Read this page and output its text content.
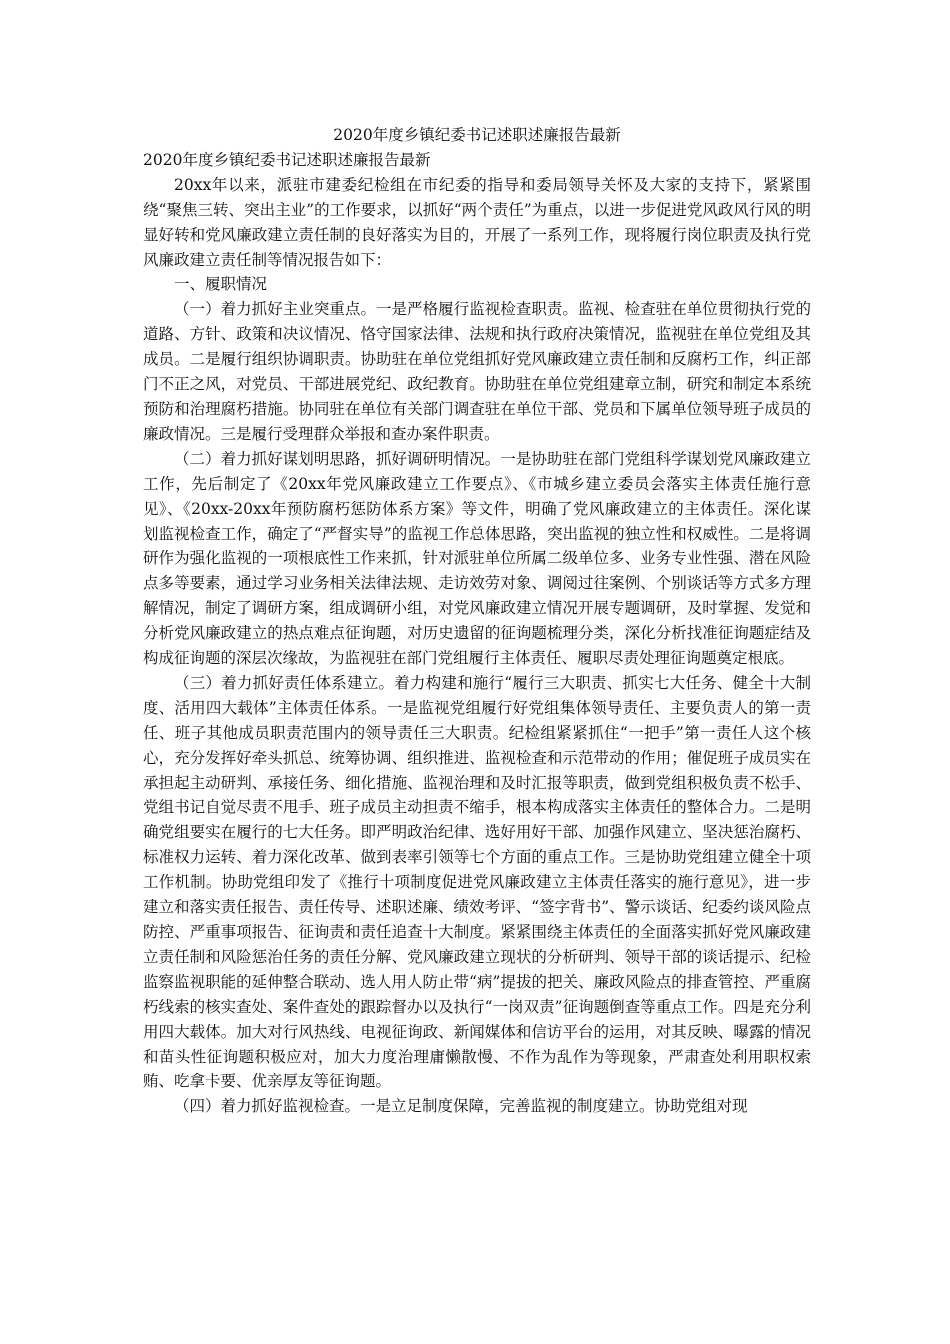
2020年度乡镇纪委书记述职述廉报告最新

2020年度乡镇纪委书记述职述廉报告最新

20xx年以来，派驻市建委纪检组在市纪委的指导和委局领导关怀及大家的支持下，紧紧围绕“聚焦三转、突出主业”的工作要求，以抓好“两个责任”为重点，以进一步促进党风政风行风的明显好转和党风廉政建立责任制的良好落实为目的，开展了一系列工作，现将履行岗位职责及执行党风廉政建立责任制等情况报告如下：

一、履职情况

（一）着力抓好主业突重点。一是严格履行监视检查职责。监视、检查驻在单位贯彻执行党的道路、方针、政策和决议情况、恪守国家法律、法规和执行政府决策情况，监视驻在单位党组及其成员。二是履行组织协调职责。协助驻在单位党组抓好党风廉政建立责任制和反腐朽工作，纠正部门不正之风，对党员、干部进展党纪、政纪教育。协助驻在单位党组建章立制，研究和制定本系统预防和治理腐朽措施。协同驻在单位有关部门调查驻在单位干部、党员和下属单位领导班子成员的廉政情况。三是履行受理群众举报和查办案件职责。

（二）着力抓好谋划明思路，抓好调研明情况。一是协助驻在部门党组科学谋划党风廉政建立工作，先后制定了《20xx年党风廉政建立工作要点》、《市城乡建立委员会落实主体责任施行意见》、《20xx-20xx年预防腐朽惩防体系方案》等文件，明确了党风廉政建立的主体责任。深化谋划监视检查工作，确定了“严督实导”的监视工作总体思路，突出监视的独立性和权威性。二是将调研作为强化监视的一项根底性工作来抓，针对派驻单位所属二级单位多、业务专业性强、潜在风险点多等要素，通过学习业务相关法律法规、走访效劳对象、调阅过往案例、个别谈话等方式多方理解情况，制定了调研方案，组成调研小组，对党风廉政建立情况开展专题调研，及时掌握、发觉和分析党风廉政建立的热点难点征询题，对历史遗留的征询题梳理分类，深化分析找准征询题症结及构成征询题的深层次缘故，为监视驻在部门党组履行主体责任、履职尽责处理征询题奠定根底。

（三）着力抓好责任体系建立。着力构建和施行“履行三大职责、抓实七大任务、健全十大制度、活用四大载体”主体责任体系。一是监视党组履行好党组集体领导责任、主要负责人的第一责任、班子其他成员职责范围内的领导责任三大职责。纪检组紧紧抓住“一把手”第一责任人这个核心，充分发挥好牵头抓总、统筹协调、组织推进、监视检查和示范带动的作用；催促班子成员实在承担起主动研判、承接任务、细化措施、监视治理和及时汇报等职责，做到党组积极负责不松手、党组书记自觉尽责不甩手、班子成员主动担责不缩手，根本构成落实主体责任的整体合力。二是明确党组要实在履行的七大任务。即严明政治纪律、选好用好干部、加强作风建立、坚决惩治腐朽、标准权力运转、着力深化改革、做到表率引领等七个方面的重点工作。三是协助党组建立健全十项工作机制。协助党组印发了《推行十项制度促进党风廉政建立主体责任落实的施行意见》，进一步建立和落实责任报告、责任传导、述职述廉、绩效考评、“签字背书”、警示谈话、纪委约谈风险点防控、严重事项报告、征询责和责任追查十大制度。紧紧围绕主体责任的全面落实抓好党风廉政建立责任制和风险惩治任务的责任分解、党风廉政建立现状的分析研判、领导干部的谈话提示、纪检监察监视职能的延伸整合联动、选人用人防止带“病”提拔的把关、廉政风险点的排查管控、严重腐朽线索的核实查处、案件查处的跟踪督办以及执行“一岗双责”征询题倒查等重点工作。四是充分利用四大载体。加大对行风热线、电视征询政、新闻媒体和信访平台的运用，对其反映、曝露的情况和苗头性征询题积极应对，加大力度治理庸懒散慢、不作为乱作为等现象，严肃查处利用职权索贿、吃拿卡要、优亲厚友等征询题。

（四）着力抓好监视检查。一是立足制度保障，完善监视的制度建立。协助党组对现
